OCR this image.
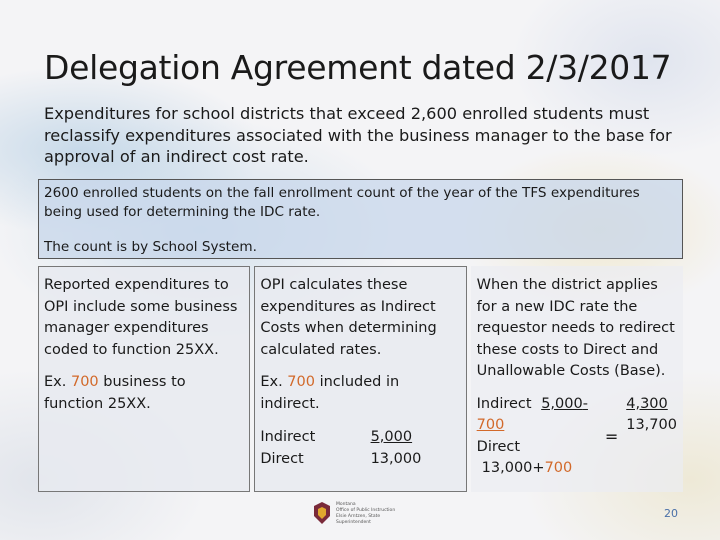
Delegation Agreement dated 2/3/2017
Expenditures for school districts that exceed 2,600 enrolled students must reclassify expenditures associated with the business manager to the base for approval of an indirect cost rate.

2600 enrolled students on the fall enrollment count of the year of the TFS expenditures being used for determining the IDC rate.

The count is by School System.

Reported expenditures to OPI include some business manager expenditures coded to function 25XX.

Ex. 700 business to function 25XX.

OPI calculates these expenditures as Indirect Costs when determining calculated rates.

Ex. 700 included in indirect.

Indirect	5,000
Direct	13,000

When the district applies for a new IDC rate the requestor needs to redirect these costs to Direct and Unallowable Costs (Base).

Indirect 5,000- 700
Direct 13,000+700
= $\frac{4,300}{13,700}$
Montana
Office of Public Instruction
Elsie Arntzen, State Superintendent
20
